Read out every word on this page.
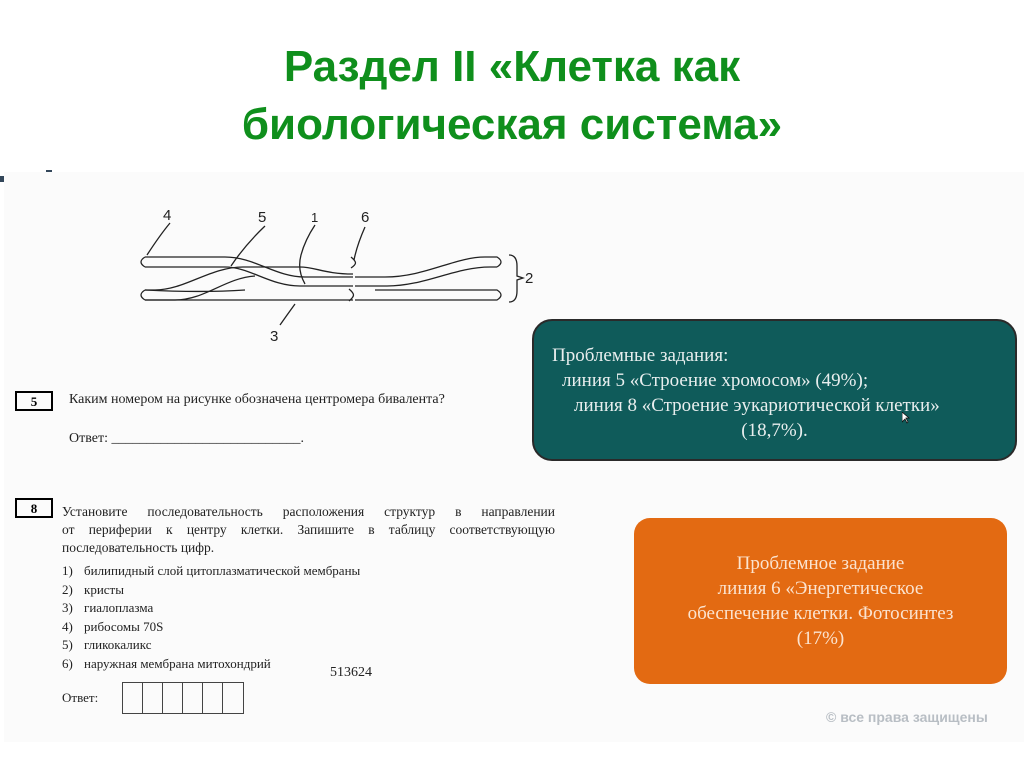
Раздел II «Клетка как
биологическая система»
4	5	1	6
2
3
5	Каким номером на рисунке обозначена центромера бивалента?
Ответ: ___________________________.
8	Установите последовательность расположения структур в направлении
от периферии к центру клетки. Запишите в таблицу соответствующую
последовательность цифр.
1) билипидный слой цитоплазматической мембраны
2) кристы
3) гиалоплазма
4) рибосомы 70S
5) гликокаликс
6) наружная мембрана митохондрий
513624
Ответ:
Проблемные задания:
линия 5 «Строение хромосом» (49%);
линия 8 «Строение эукариотической клетки»
(18,7%).
Проблемное задание
линия 6 «Энергетическое
обеспечение клетки. Фотосинтез
(17%)
© все права защищены
